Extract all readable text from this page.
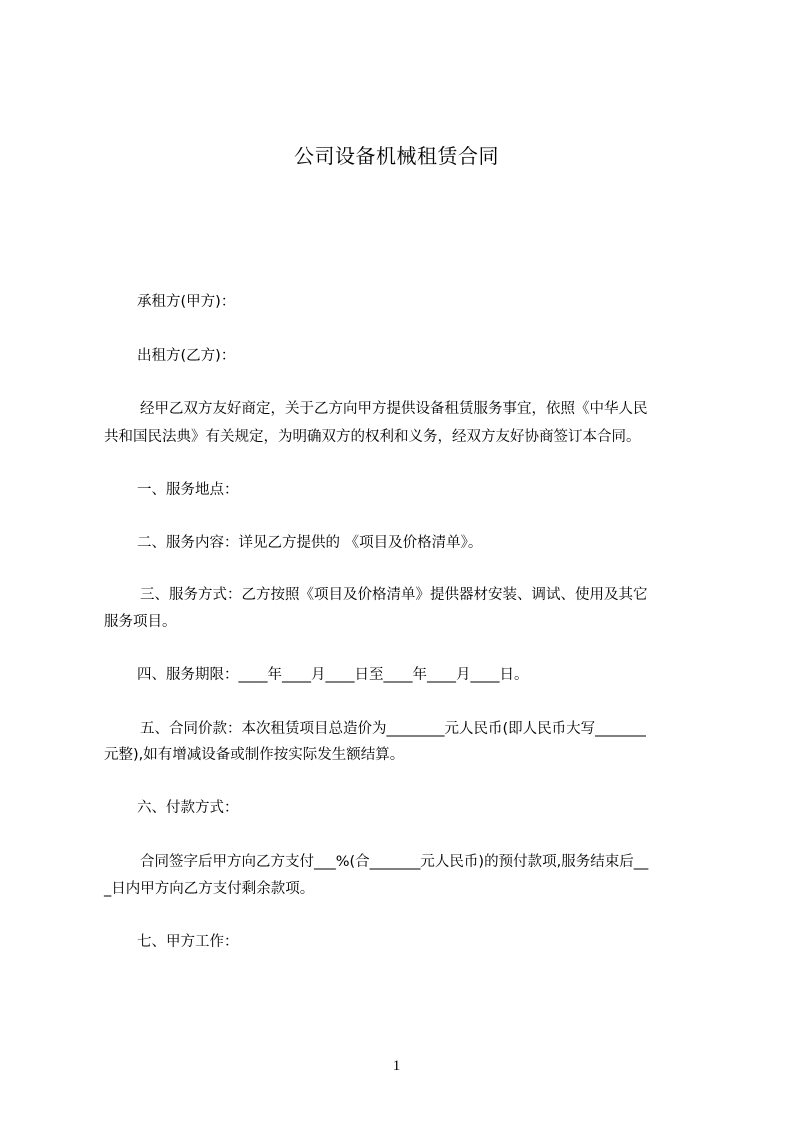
公司设备机械租赁合同
承租方(甲方)：
出租方(乙方)：
经甲乙双方友好商定，关于乙方向甲方提供设备租赁服务事宜，依照《中华人民
共和国民法典》有关规定，为明确双方的权利和义务，经双方友好协商签订本合同。
一、服务地点：
二、服务内容：详见乙方提供的 《项目及价格清单》。
三、服务方式：乙方按照《项目及价格清单》提供器材安装、调试、使用及其它
服务项目。
四、服务期限：____年____月____日至____年____月____日。
五、合同价款：本次租赁项目总造价为________元人民币(即人民币大写_______
元整),如有增减设备或制作按实际发生额结算。
六、付款方式：
合同签字后甲方向乙方支付___%(合_______元人民币)的预付款项,服务结束后__
_日内甲方向乙方支付剩余款项。
七、甲方工作：
1
